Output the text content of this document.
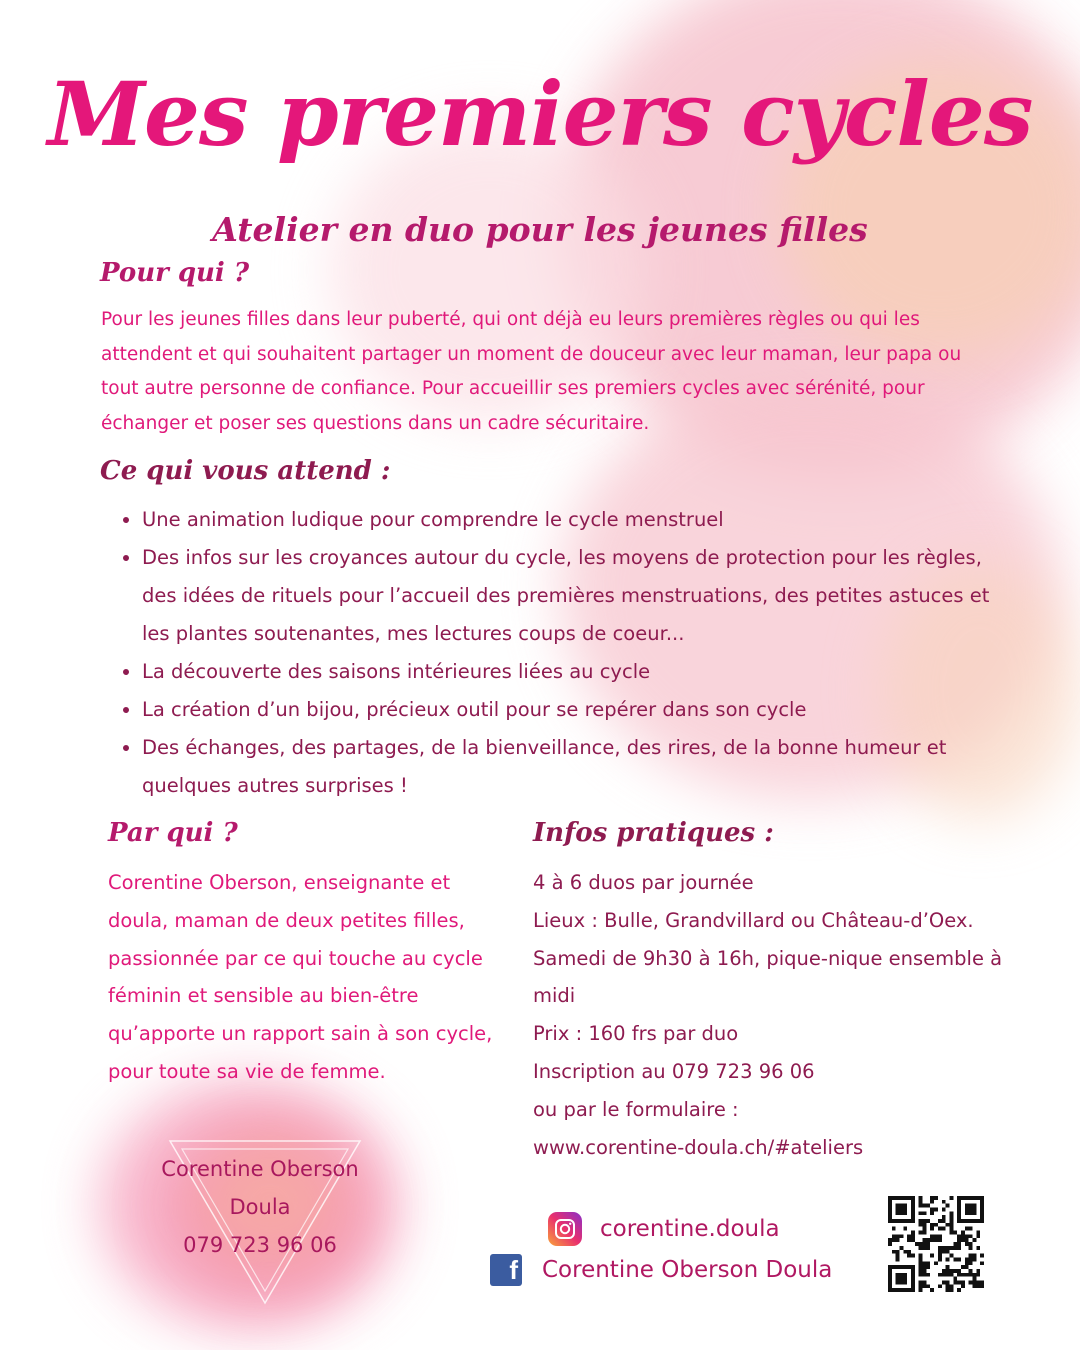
Mes premiers cycles
Atelier en duo pour les jeunes filles
Pour qui ?
Pour les jeunes filles dans leur puberté, qui ont déjà eu leurs premières règles ou qui les
attendent et qui souhaitent partager un moment de douceur avec leur maman, leur papa ou
tout autre personne de confiance. Pour accueillir ses premiers cycles avec sérénité, pour
échanger et poser ses questions dans un cadre sécuritaire.
Ce qui vous attend :
• Une animation ludique pour comprendre le cycle menstruel
• Des infos sur les croyances autour du cycle, les moyens de protection pour les règles, des idées de rituels pour l’accueil des premières menstruations, des petites astuces et les plantes soutenantes, mes lectures coups de coeur...
• La découverte des saisons intérieures liées au cycle
• La création d’un bijou, précieux outil pour se repérer dans son cycle
• Des échanges, des partages, de la bienveillance, des rires, de la bonne humeur et quelques autres surprises !
Par qui ?
Corentine Oberson, enseignante et
doula, maman de deux petites filles,
passionnée par ce qui touche au cycle
féminin et sensible au bien-être
qu’apporte un rapport sain à son cycle,
pour toute sa vie de femme.
Infos pratiques :
4 à 6 duos par journée
Lieux : Bulle, Grandvillard ou Château-d’Oex.
Samedi de 9h30 à 16h, pique-nique ensemble à
midi
Prix : 160 frs par duo
Inscription au 079 723 96 06
ou par le formulaire :
www.corentine-doula.ch/#ateliers
Corentine Oberson
Doula
079 723 96 06
corentine.doula
f Corentine Oberson Doula
